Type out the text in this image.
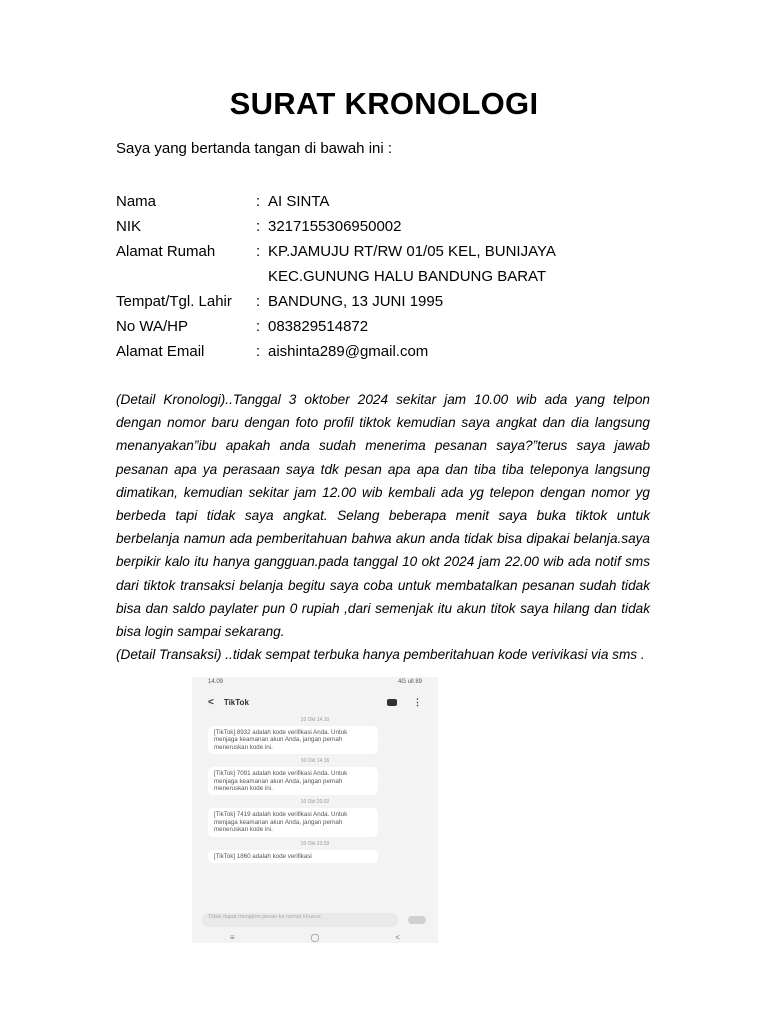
SURAT KRONOLOGI
Saya yang bertanda tangan di bawah ini :
Nama	: AI SINTA
NIK	: 3217155306950002
Alamat Rumah	: KP.JAMUJU RT/RW 01/05 KEL, BUNIJAYA
KEC.GUNUNG HALU BANDUNG BARAT
Tempat/Tgl. Lahir	: BANDUNG, 13 JUNI 1995
No WA/HP	: 083829514872
Alamat Email	: aishinta289@gmail.com

(Detail Kronologi)..Tanggal 3 oktober 2024 sekitar jam 10.00 wib ada yang telpon dengan nomor baru dengan foto profil tiktok kemudian saya angkat dan dia langsung menanyakan”ibu apakah anda sudah menerima pesanan saya?”terus saya jawab pesanan apa ya perasaan saya tdk pesan apa apa dan tiba tiba teleponya langsung dimatikan, kemudian sekitar jam 12.00 wib kembali ada yg telepon dengan nomor yg berbeda tapi tidak saya angkat. Selang beberapa menit saya buka tiktok untuk berbelanja namun ada pemberitahuan bahwa akun anda tidak bisa dipakai belanja.saya berpikir kalo itu hanya gangguan.pada tanggal 10 okt 2024 jam 22.00 wib ada notif sms dari tiktok transaksi belanja begitu saya coba untuk membatalkan pesanan sudah tidak bisa dan saldo paylater pun 0 rupiah ,dari semenjak itu akun titok saya hilang dan tidak bisa login sampai sekarang.

(Detail Transaksi) ..tidak sempat terbuka hanya pemberitahuan kode verivikasi via sms .

14.09	4G ull 89
< TikTok	⋮
10 Okt 14.10
[TikTok] 8932 adalah kode verifikasi Anda. Untuk menjaga keamanan akun Anda, jangan pernah meneruskan kode ini.
10 Okt 14.16
[TikTok] 7091 adalah kode verifikasi Anda. Untuk menjaga keamanan akun Anda, jangan pernah meneruskan kode ini.
10 Okt 20.02
[TikTok] 7419 adalah kode verifikasi Anda. Untuk menjaga keamanan akun Anda, jangan pernah meneruskan kode ini.
10 Okt 23.59
[TikTok] 1860 adalah kode verifikasi
Tidak dapat mengirim pesan ke nomor khusus
≡	◯	<
